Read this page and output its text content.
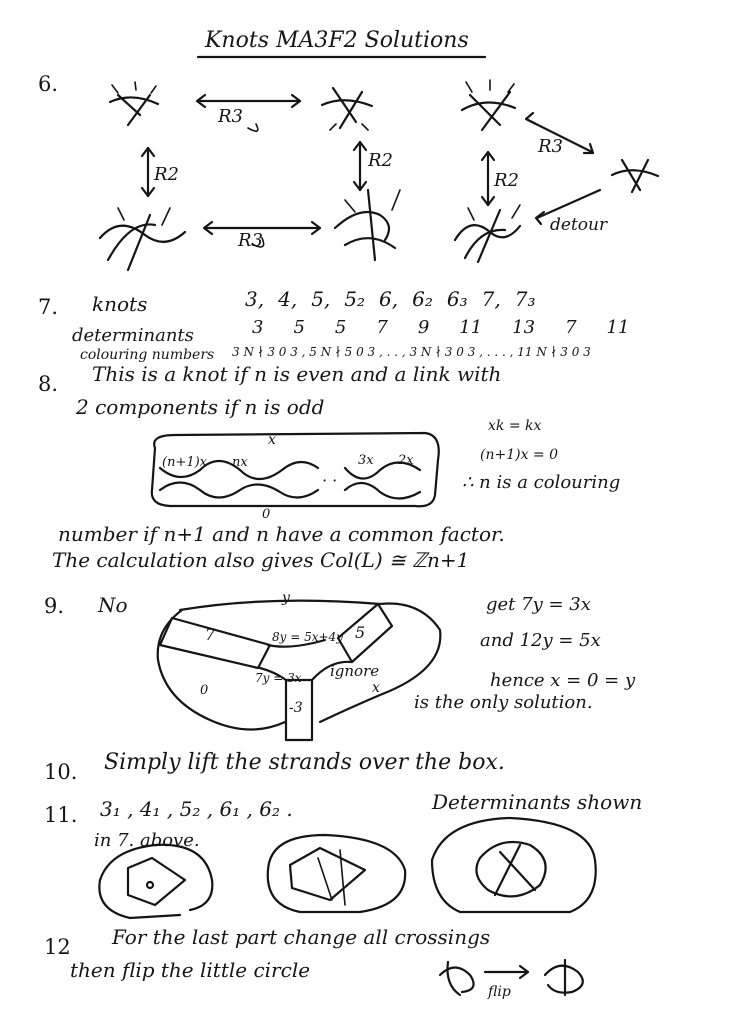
Knots MA3F2 Solutions
R3
R3
R2
R2
R2
R3
detour
x
(n+1)x nx	3x 2x
· ·
0
y
7	5
8y = 5x+4y
7y = 3x
-3
ignore
0	x
flip
6.
7. knots	3, 4, 5, 5₂ 6, 6₂ 6₃ 7, 7₃
determinants	3 5 5 7 9 11 13 7 11
colouring numbers 3 N ∤ 3 0 3 , 5 N ∤ 5 0 3 , . . , 3 N ∤ 3 0 3 , . . . , 11 N ∤ 3 0 3
8. This is a knot if n is even and a link with
2 components if n is odd
xk = kx
(n+1)x = 0
∴ n is a colouring
number if n+1 and n have a common factor.
The calculation also gives Col(L) ≅ ℤn+1
9. No	get 7y = 3x
and 12y = 5x
hence x = 0 = y
is the only solution.
10. Simply lift the strands over the box.
11. 3₁ , 4₁ , 5₂ , 6₁ , 6₂ .	Determinants shown
in 7. above.
12 For the last part change all crossings
then flip the little circle
